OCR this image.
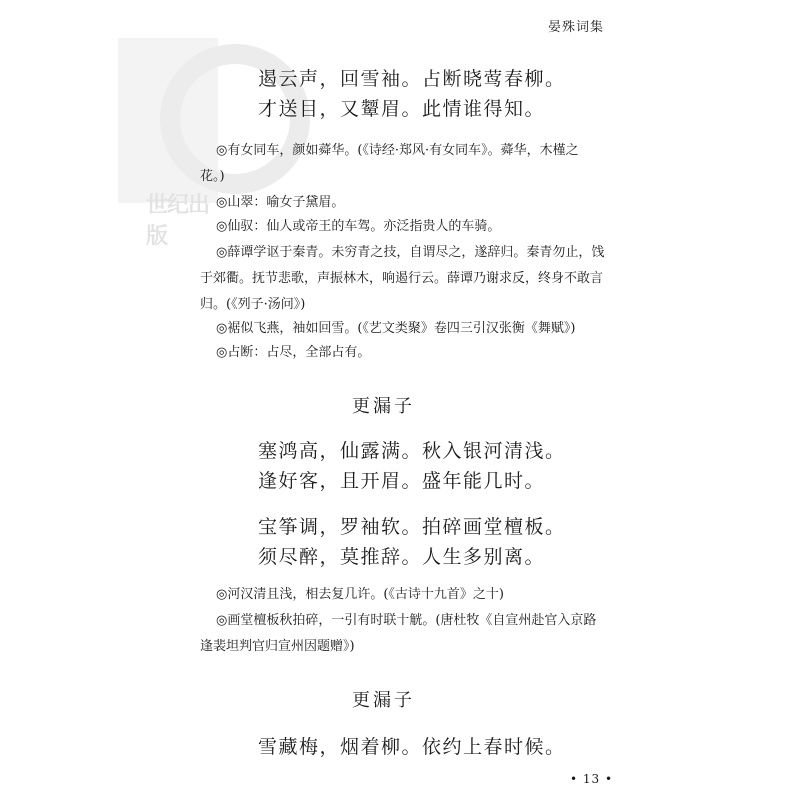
世纪出版
晏殊词集
遏云声，回雪袖。占断晓莺春柳。
才送目，又颦眉。此情谁得知。
◎有女同车，颜如蕣华。(《诗经·郑风·有女同车》。蕣华，木槿之
花。)
◎山翠：喻女子黛眉。
◎仙驭：仙人或帝王的车驾。亦泛指贵人的车骑。
◎薛谭学讴于秦青。未穷青之技，自谓尽之，遂辞归。秦青勿止，饯
于郊衢。抚节悲歌，声振林木，响遏行云。薛谭乃谢求反，终身不敢言
归。(《列子·汤问》)
◎裾似飞燕，袖如回雪。(《艺文类聚》卷四三引汉张衡《舞赋》)
◎占断：占尽，全部占有。
更漏子
塞鸿高，仙露满。秋入银河清浅。
逢好客，且开眉。盛年能几时。
宝筝调，罗袖软。拍碎画堂檀板。
须尽醉，莫推辞。人生多别离。
◎河汉清且浅，相去复几许。(《古诗十九首》之十)
◎画堂檀板秋拍碎，一引有时联十觥。(唐杜牧《自宣州赴官入京路
逢裴坦判官归宣州因题赠》)
更漏子
雪藏梅，烟着柳。依约上春时候。
• 13 •
